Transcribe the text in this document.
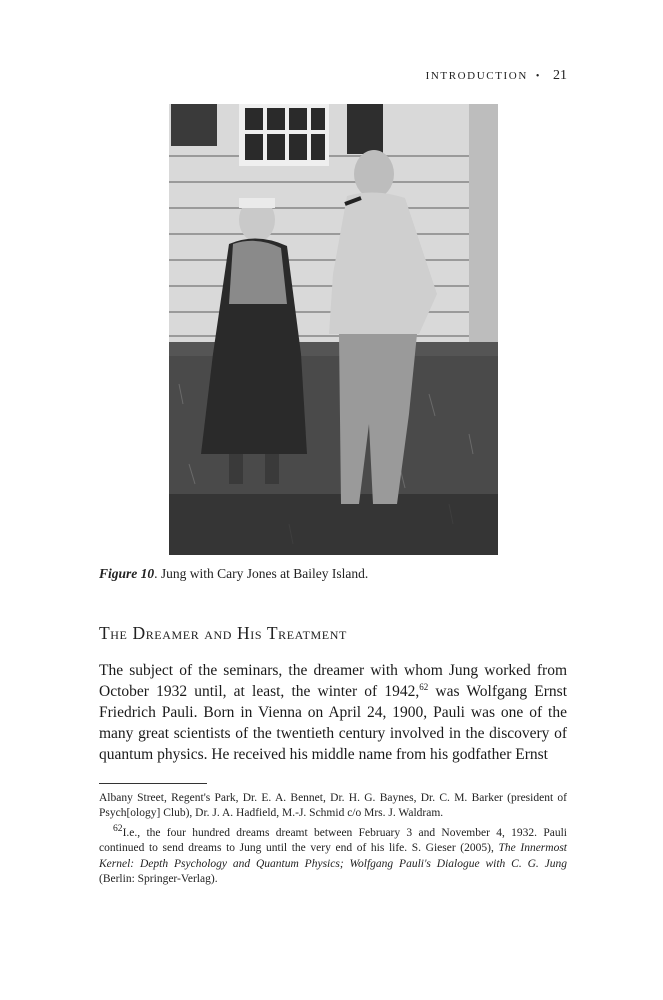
INTRODUCTION • 21
Figure 10. Jung with Cary Jones at Bailey Island.
The Dreamer and His Treatment

The subject of the seminars, the dreamer with whom Jung worked from October 1932 until, at least, the winter of 1942,62 was Wolfgang Ernst Friedrich Pauli. Born in Vienna on April 24, 1900, Pauli was one of the many great scientists of the twentieth century involved in the discovery of quantum physics. He received his middle name from his godfather Ernst

Albany Street, Regent's Park, Dr. E. A. Bennet, Dr. H. G. Baynes, Dr. C. M. Barker (president of Psych[ology] Club), Dr. J. A. Hadfield, M.-J. Schmid c/o Mrs. J. Waldram.

$^{62}$I.e., the four hundred dreams dreamt between February 3 and November 4, 1932. Pauli continued to send dreams to Jung until the very end of his life. S. Gieser (2005), The Innermost Kernel: Depth Psychology and Quantum Physics; Wolfgang Pauli's Dialogue with C. G. Jung (Berlin: Springer-Verlag).
